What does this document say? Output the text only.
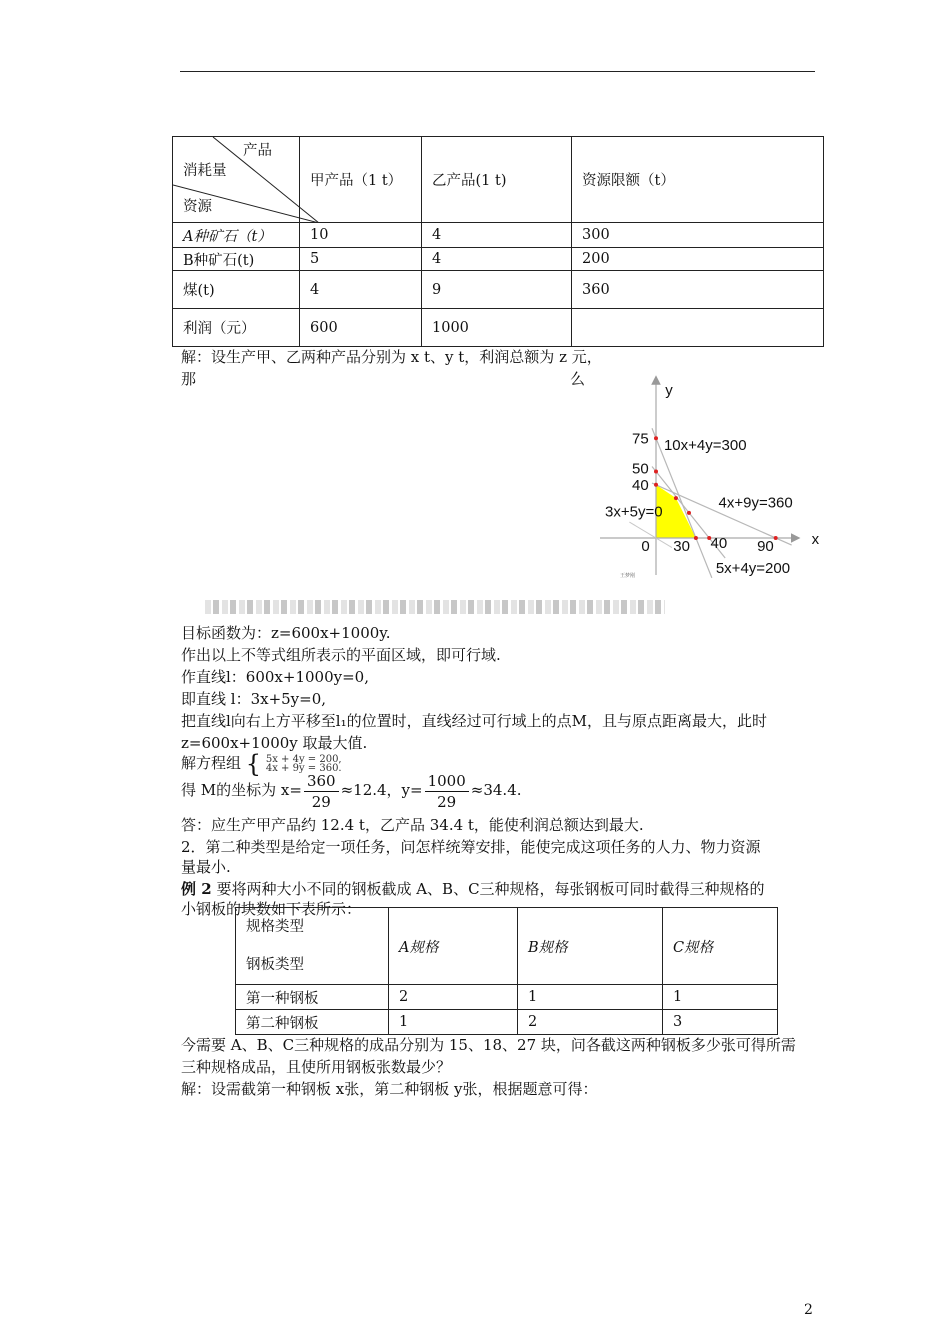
产品
消耗量
资源	甲产品（1 t）	乙产品(1 t)	资源限额（t）
A种矿石（t）	10	4	300
B种矿石(t)	5	4	200
煤(t)	4	9	360
利润（元）	600	1000	
解：设生产甲、乙两种产品分别为 x t、y t，利润总额为 z 元，
那	么
y
x
0 30 40 90
40
50
75 10x+4y=300
4x+9y=360
5x+4y=200
3x+5y=0
王梦刚
目标函数为：z=600x+1000y.
作出以上不等式组所表示的平面区域，即可行域.
作直线l：600x+1000y=0,
即直线 l：3x+5y=0,
把直线l向右上方平移至l₁的位置时，直线经过可行域上的点M，且与原点距离最大，此时
z=600x+1000y 取最大值.
解方程组 { 5x + 4y = 200,
4x + 9y = 360.
得 M的坐标为 $x= \frac{360}{29} \approx 12.4$，$y= \frac{1000}{29} \approx 34.4$.
答：应生产甲产品约 12.4 t，乙产品 34.4 t，能使利润总额达到最大.
2．第二种类型是给定一项任务，问怎样统筹安排，能使完成这项任务的人力、物力资源
量最小.
例 2 要将两种大小不同的钢板截成 A、B、C三种规格，每张钢板可同时截得三种规格的
小钢板的块数如下表所示：
规格类型
钢板类型	A规格	B规格	C规格
第一种钢板	2	1	1
第二种钢板	1	2	3
今需要 A、B、C三种规格的成品分别为 15、18、27 块，问各截这两种钢板多少张可得所需
三种规格成品，且使所用钢板张数最少？
解：设需截第一种钢板 x张，第二种钢板 y张，根据题意可得：
2
